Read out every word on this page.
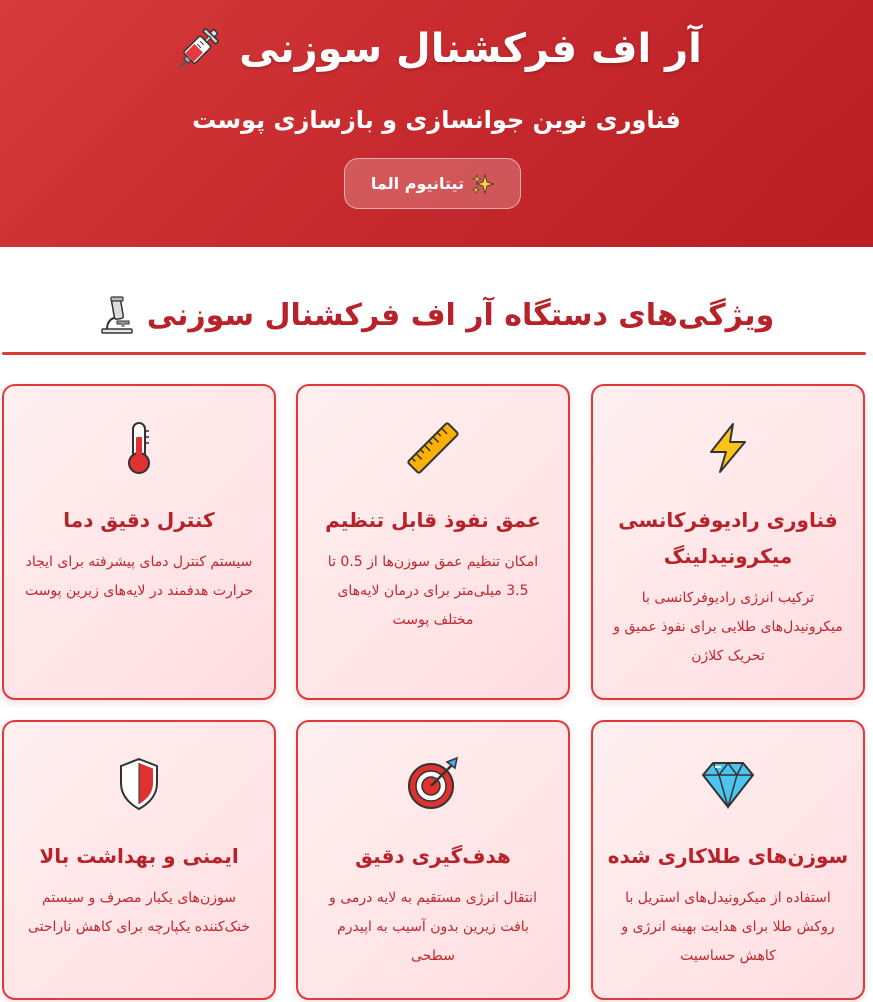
آر اف فرکشنال سوزنی
فناوری نوین جوانسازی و بازسازی پوست
تیتانیوم الما
ویژگی‌های دستگاه آر اف فرکشنال سوزنی
فناوری رادیوفرکانسی میکرونیدلینگ
ترکیب انرژی رادیوفرکانسی با میکرونیدل‌های طلایی برای نفوذ عمیق و تحریک کلاژن
عمق نفوذ قابل تنظیم
امکان تنظیم عمق سوزن‌ها از 0.5 تا 3.5 میلی‌متر برای درمان لایه‌های مختلف پوست
کنترل دقیق دما
سیستم کنترل دمای پیشرفته برای ایجاد حرارت هدفمند در لایه‌های زیرین پوست
سوزن‌های طلاکاری شده
استفاده از میکرونیدل‌های استریل با روکش طلا برای هدایت بهینه انرژی و کاهش حساسیت
هدف‌گیری دقیق
انتقال انرژی مستقیم به لایه درمی و بافت زیرین بدون آسیب به اپیدرم سطحی
ایمنی و بهداشت بالا
سوزن‌های یکبار مصرف و سیستم خنک‌کننده یکپارچه برای کاهش ناراحتی
